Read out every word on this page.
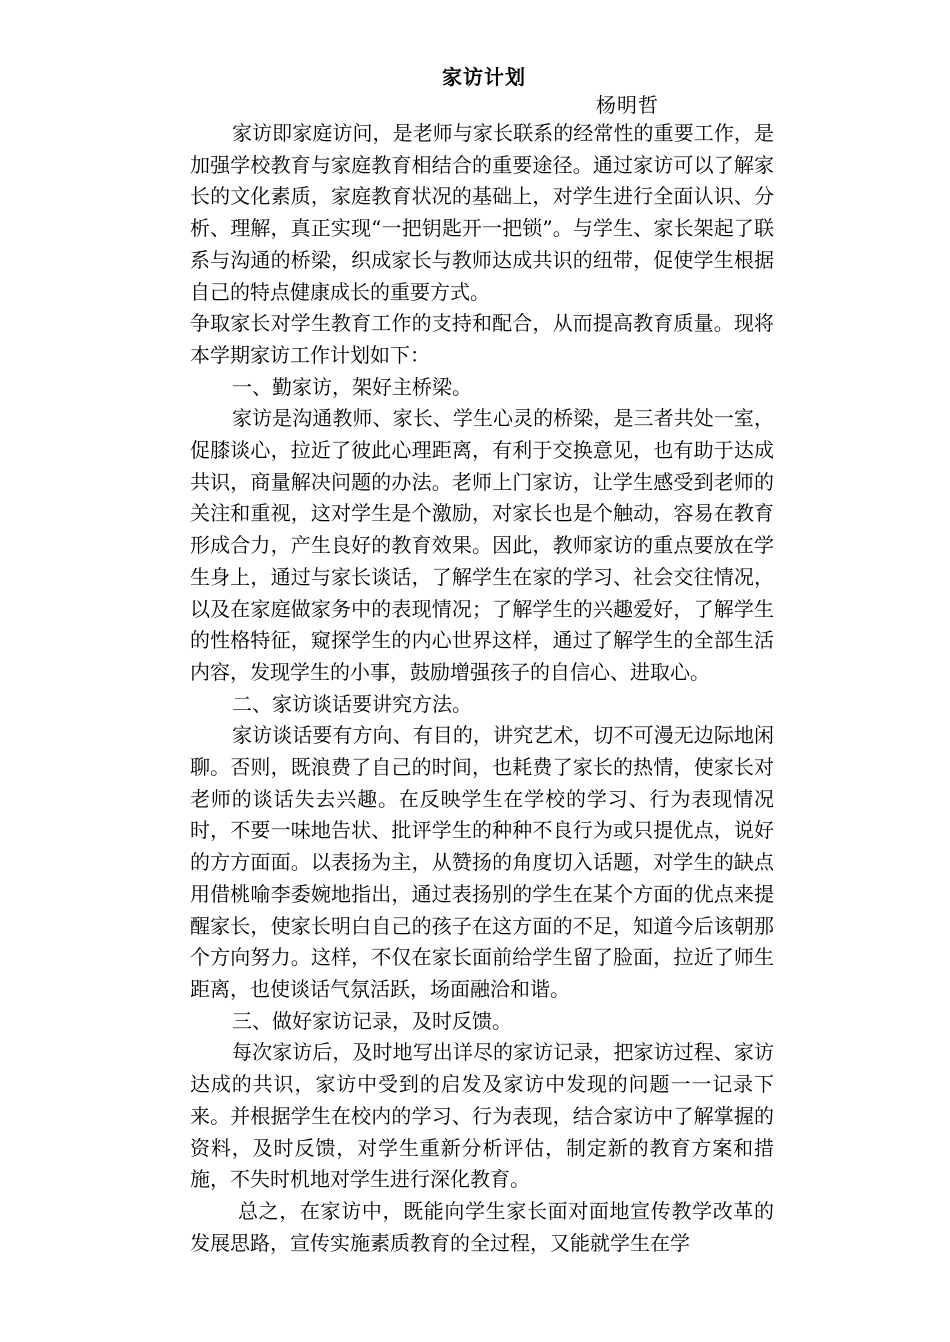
家访计划
杨明哲

家访即家庭访问，是老师与家长联系的经常性的重要工作，是加强学校教育与家庭教育相结合的重要途径。通过家访可以了解家长的文化素质，家庭教育状况的基础上，对学生进行全面认识、分析、理解，真正实现“一把钥匙开一把锁”。与学生、家长架起了联系与沟通的桥梁，织成家长与教师达成共识的纽带，促使学生根据自己的特点健康成长的重要方式。

争取家长对学生教育工作的支持和配合，从而提高教育质量。现将本学期家访工作计划如下：

一、勤家访，架好主桥梁。

家访是沟通教师、家长、学生心灵的桥梁，是三者共处一室，促膝谈心，拉近了彼此心理距离，有利于交换意见，也有助于达成共识，商量解决问题的办法。老师上门家访，让学生感受到老师的关注和重视，这对学生是个激励，对家长也是个触动，容易在教育形成合力，产生良好的教育效果。因此，教师家访的重点要放在学生身上，通过与家长谈话，了解学生在家的学习、社会交往情况，以及在家庭做家务中的表现情况；了解学生的兴趣爱好，了解学生的性格特征，窥探学生的内心世界这样，通过了解学生的全部生活内容，发现学生的小事，鼓励增强孩子的自信心、进取心。

二、家访谈话要讲究方法。

家访谈话要有方向、有目的，讲究艺术，切不可漫无边际地闲聊。否则，既浪费了自己的时间，也耗费了家长的热情，使家长对老师的谈话失去兴趣。在反映学生在学校的学习、行为表现情况时，不要一味地告状、批评学生的种种不良行为或只提优点，说好的方方面面。以表扬为主，从赞扬的角度切入话题，对学生的缺点用借桃喻李委婉地指出，通过表扬别的学生在某个方面的优点来提醒家长，使家长明白自己的孩子在这方面的不足，知道今后该朝那个方向努力。这样，不仅在家长面前给学生留了脸面，拉近了师生距离，也使谈话气氛活跃，场面融洽和谐。

三、做好家访记录，及时反馈。

每次家访后，及时地写出详尽的家访记录，把家访过程、家访达成的共识，家访中受到的启发及家访中发现的问题一一记录下来。并根据学生在校内的学习、行为表现，结合家访中了解掌握的资料，及时反馈，对学生重新分析评估，制定新的教育方案和措施，不失时机地对学生进行深化教育。

总之，在家访中，既能向学生家长面对面地宣传教学改革的发展思路，宣传实施素质教育的全过程，又能就学生在学
